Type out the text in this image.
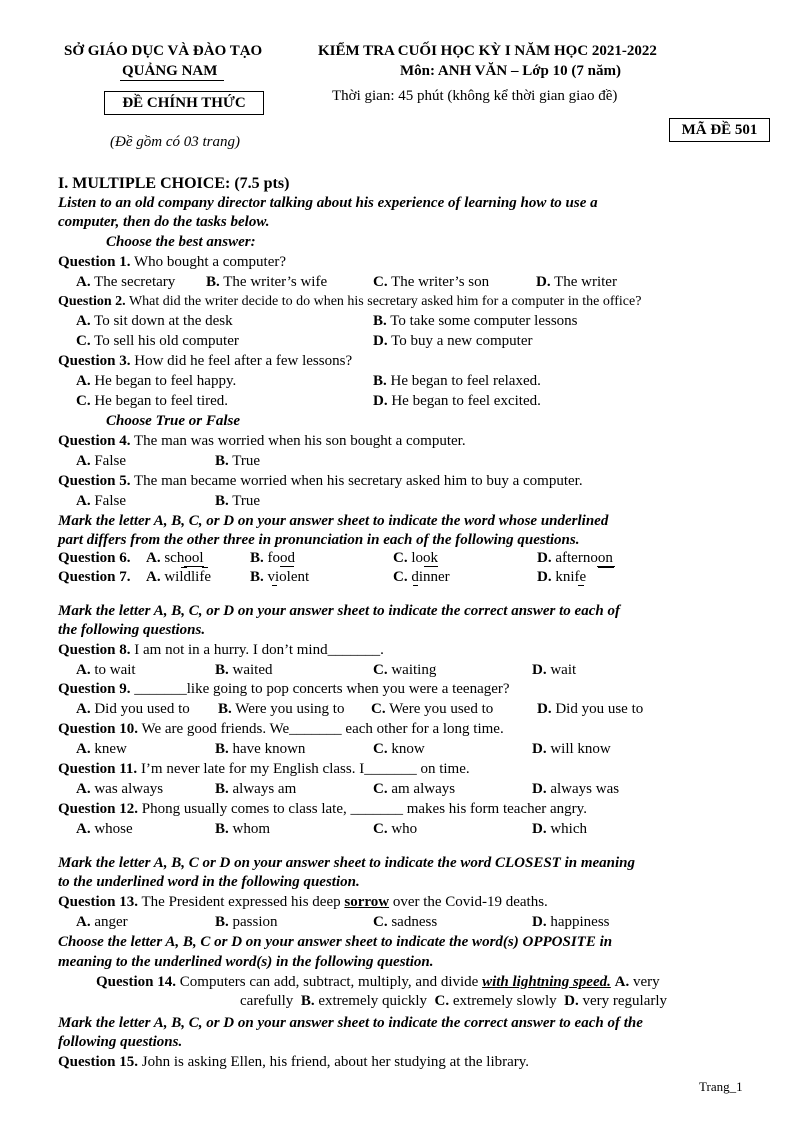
SỞ GIÁO DỤC VÀ ĐÀO TẠO
QUẢNG NAM
ĐỀ CHÍNH THỨC
(Đề gồm có 03 trang)
KIỂM TRA CUỐI HỌC KỲ I NĂM HỌC 2021-2022
Môn: ANH VĂN – Lớp 10 (7 năm)
Thời gian: 45 phút (không kể thời gian giao đề)
MÃ ĐỀ 501
I. MULTIPLE CHOICE: (7.5 pts)
Listen to an old company director talking about his experience of learning how to use a
computer, then do the tasks below.
Choose the best answer:
Question 1. Who bought a computer?
A. The secretary B. The writer’s wife	C. The writer’s son	D. The writer
Question 2. What did the writer decide to do when his secretary asked him for a computer in the office?
A. To sit down at the desk	B. To take some computer lessons
C. To sell his old computer	D. To buy a new computer
Question 3. How did he feel after a few lessons?
A. He began to feel happy.	B. He began to feel relaxed.
C. He began to feel tired.	D. He began to feel excited.
Choose True or False
Question 4. The man was worried when his son bought a computer.
A. False	B. True
Question 5. The man became worried when his secretary asked him to buy a computer.
A. False	B. True
Mark the letter A, B, C, or D on your answer sheet to indicate the word whose underlined
part differs from the other three in pronunciation in each of the following questions.
Question 6. A. school	B. food	C. look	D. afternoon
Question 7. A. wildlife	B. violent	C. dinner	D. knife
Mark the letter A, B, C, or D on your answer sheet to indicate the correct answer to each of
the following questions.
Question 8. I am not in a hurry. I don’t mind_______.
A. to wait	B. waited	C. waiting	D. wait
Question 9. _______like going to pop concerts when you were a teenager?
A. Did you used to B. Were you using to C. Were you used to	D. Did you use to
Question 10. We are good friends. We_______ each other for a long time.
A. knew	B. have known	C. know	D. will know
Question 11. I’m never late for my English class. I_______ on time.
A. was always	B. always am	C. am always	D. always was
Question 12. Phong usually comes to class late, _______ makes his form teacher angry.
A. whose	B. whom	C. who	D. which
Mark the letter A, B, C or D on your answer sheet to indicate the word CLOSEST in meaning
to the underlined word in the following question.
Question 13. The President expressed his deep sorrow over the Covid-19 deaths.
A. anger	B. passion	C. sadness	D. happiness
Choose the letter A, B, C or D on your answer sheet to indicate the word(s) OPPOSITE in
meaning to the underlined word(s) in the following question.
Question 14. Computers can add, subtract, multiply, and divide with lightning speed. A. very
carefully B. extremely quickly C. extremely slowly D. very regularly
Mark the letter A, B, C, or D on your answer sheet to indicate the correct answer to each of the
following questions.
Question 15. John is asking Ellen, his friend, about her studying at the library.
Trang_1
